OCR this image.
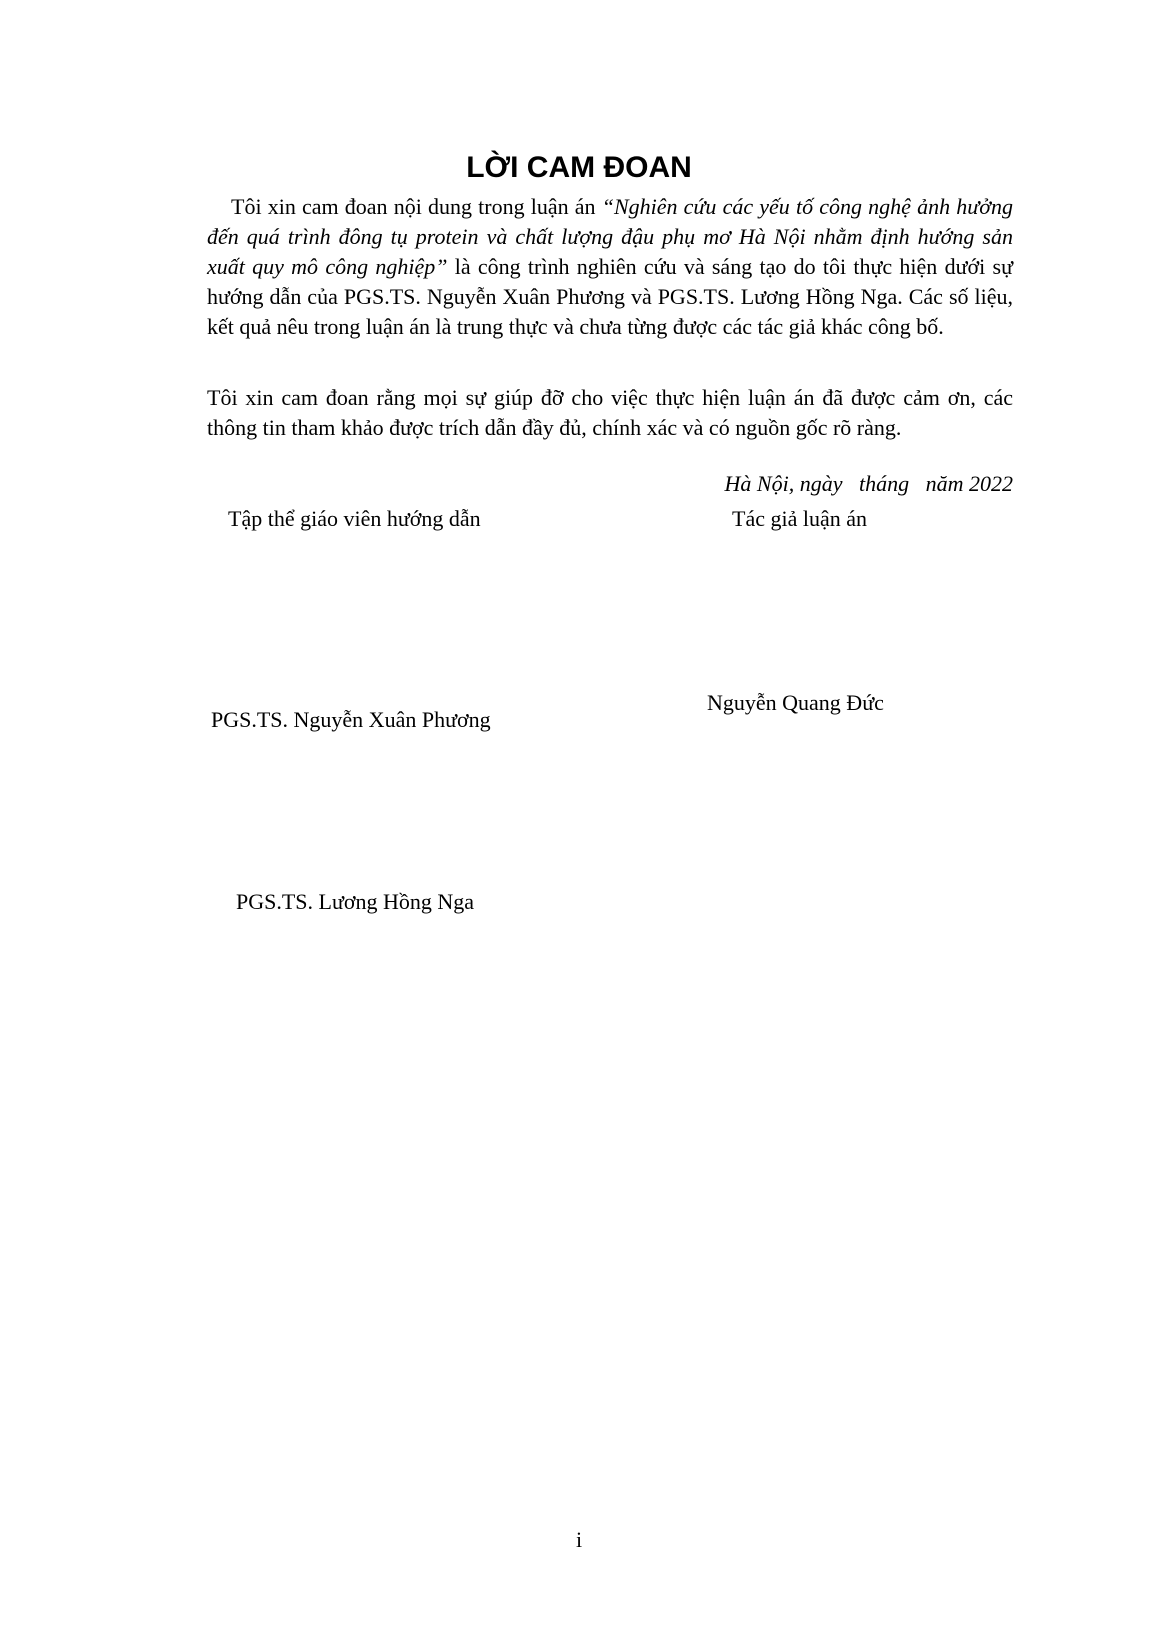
LỜI CAM ĐOAN

Tôi xin cam đoan nội dung trong luận án “Nghiên cứu các yếu tố công nghệ ảnh hưởng đến quá trình đông tụ protein và chất lượng đậu phụ mơ Hà Nội nhằm định hướng sản xuất quy mô công nghiệp” là công trình nghiên cứu và sáng tạo do tôi thực hiện dưới sự hướng dẫn của PGS.TS. Nguyễn Xuân Phương và PGS.TS. Lương Hồng Nga. Các số liệu, kết quả nêu trong luận án là trung thực và chưa từng được các tác giả khác công bố.

Tôi xin cam đoan rằng mọi sự giúp đỡ cho việc thực hiện luận án đã được cảm ơn, các thông tin tham khảo được trích dẫn đầy đủ, chính xác và có nguồn gốc rõ ràng.

Hà Nội, ngày   tháng   năm 2022
Tập thể giáo viên hướng dẫn	Tác giả luận án
PGS.TS. Nguyễn Xuân Phương
Nguyễn Quang Đức
PGS.TS. Lương Hồng Nga
i
